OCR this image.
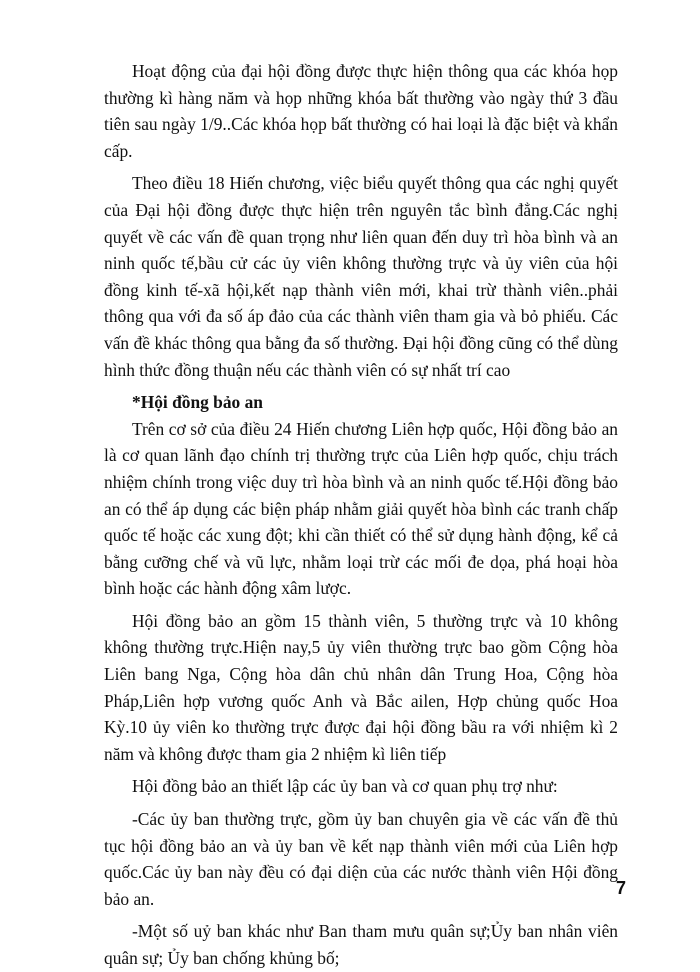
Hoạt động của đại hội đồng được thực hiện thông qua các khóa họp thường kì hàng năm và họp những khóa bất thường vào ngày thứ 3 đầu tiên sau ngày 1/9..Các khóa họp bất thường có hai loại là đặc biệt và khẩn cấp.

Theo điều 18 Hiến chương, việc biểu quyết thông qua các nghị quyết của Đại hội đồng được thực hiện trên nguyên tắc bình đẳng.Các nghị quyết về các vấn đề quan trọng như liên quan đến duy trì hòa bình và an ninh quốc tế,bầu cử các ủy viên không thường trực và ủy viên của hội đồng kinh tế-xã hội,kết nạp thành viên mới, khai trừ thành viên..phải thông qua với đa số áp đảo của các thành viên tham gia và bỏ phiếu. Các vấn đề khác thông qua bằng đa số thường. Đại hội đồng cũng có thể dùng hình thức đồng thuận nếu các thành viên có sự nhất trí cao

*Hội đồng bảo an

Trên cơ sở của điều 24 Hiến chương Liên hợp quốc, Hội đồng bảo an là cơ quan lãnh đạo chính trị thường trực của Liên hợp quốc, chịu trách nhiệm chính trong việc duy trì hòa bình và an ninh quốc tế.Hội đồng bảo an có thể áp dụng các biện pháp nhằm giải quyết hòa bình các tranh chấp quốc tế hoặc các xung đột; khi cần thiết có thể sử dụng hành động, kể cả bằng cưỡng chế và vũ lực, nhằm loại trừ các mối đe dọa, phá hoại hòa bình hoặc các hành động xâm lược.

Hội đồng bảo an gồm 15 thành viên, 5 thường trực và 10 không không thường trực.Hiện nay,5 ủy viên thường trực bao gồm Cộng hòa Liên bang Nga, Cộng hòa dân chủ nhân dân Trung Hoa, Cộng hòa Pháp,Liên hợp vương quốc Anh và Bắc ailen, Hợp chủng quốc Hoa Kỳ.10 ủy viên ko thường trực được đại hội đồng bầu ra với nhiệm kì 2 năm và không được tham gia 2 nhiệm kì liên tiếp

Hội đồng bảo an thiết lập các ủy ban và cơ quan phụ trợ như:

-Các ủy ban thường trực, gồm ủy ban chuyên gia về các vấn đề thủ tục hội đồng bảo an và ủy ban về kết nạp thành viên mới của Liên hợp quốc.Các ủy ban này đều có đại diện của các nước thành viên Hội đồng bảo an.

-Một số uỷ ban khác như Ban tham mưu quân sự;Ủy ban nhân viên quân sự; Ủy ban chống khủng bố;

7
